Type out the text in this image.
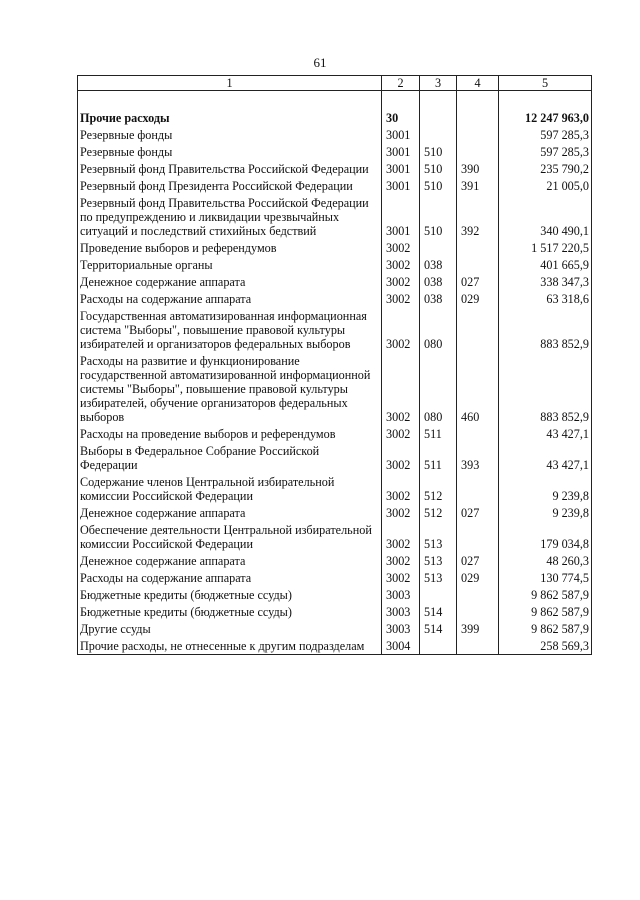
61
1	2	3	4	5

Прочие расходы	30			12 247 963,0
Резервные фонды	3001			597 285,3
Резервные фонды	3001	510		597 285,3
Резервный фонд Правительства Российской Федерации	3001	510	390	235 790,2
Резервный фонд Президента Российской Федерации	3001	510	391	21 005,0
Резервный фонд Правительства Российской Федерации по предупреждению и ликвидации чрезвычайных ситуаций и последствий стихийных бедствий	3001	510	392	340 490,1
Проведение выборов и референдумов	3002			1 517 220,5
Территориальные органы	3002	038		401 665,9
Денежное содержание аппарата	3002	038	027	338 347,3
Расходы на содержание аппарата	3002	038	029	63 318,6
Государственная автоматизированная информационная система "Выборы", повышение правовой культуры избирателей и организаторов федеральных выборов	3002	080		883 852,9
Расходы на развитие и функционирование государственной автоматизированной информационной системы "Выборы", повышение правовой культуры избирателей, обучение организаторов федеральных выборов	3002	080	460	883 852,9
Расходы на проведение выборов и референдумов	3002	511		43 427,1
Выборы в Федеральное Собрание Российской Федерации	3002	511	393	43 427,1
Содержание членов Центральной избирательной комиссии Российской Федерации	3002	512		9 239,8
Денежное содержание аппарата	3002	512	027	9 239,8
Обеспечение деятельности Центральной избирательной комиссии Российской Федерации	3002	513		179 034,8
Денежное содержание аппарата	3002	513	027	48 260,3
Расходы на содержание аппарата	3002	513	029	130 774,5
Бюджетные кредиты (бюджетные ссуды)	3003			9 862 587,9
Бюджетные кредиты (бюджетные ссуды)	3003	514		9 862 587,9
Другие ссуды	3003	514	399	9 862 587,9
Прочие расходы, не отнесенные к другим подразделам	3004			258 569,3
